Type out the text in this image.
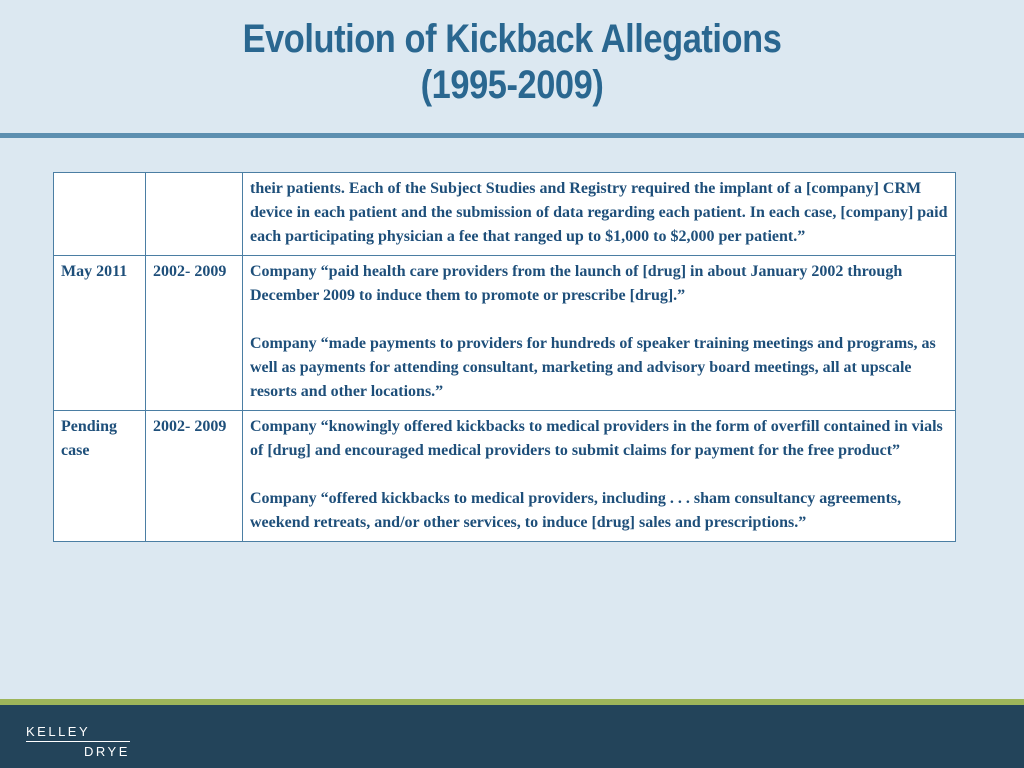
Evolution of Kickback Allegations
(1995-2009)

		their patients. Each of the Subject Studies and Registry required the implant of a [company] CRM device in each patient and the submission of data regarding each patient. In each case, [company] paid each participating physician a fee that ranged up to $1,000 to $2,000 per patient.”

May 2011	2002- 2009	Company “paid health care providers from the launch of [drug] in about January 2002 through December 2009 to induce them to promote or prescribe [drug].”
Company “made payments to providers for hundreds of speaker training meetings and programs, as well as payments for attending consultant, marketing and advisory board meetings, all at upscale resorts and other locations.”

Pending case	2002- 2009	Company “knowingly offered kickbacks to medical providers in the form of overfill contained in vials of [drug] and encouraged medical providers to submit claims for payment for the free product”
Company “offered kickbacks to medical providers, including . . . sham consultancy agreements, weekend retreats, and/or other services, to induce [drug] sales and prescriptions.”
KELLEY
DRYE
